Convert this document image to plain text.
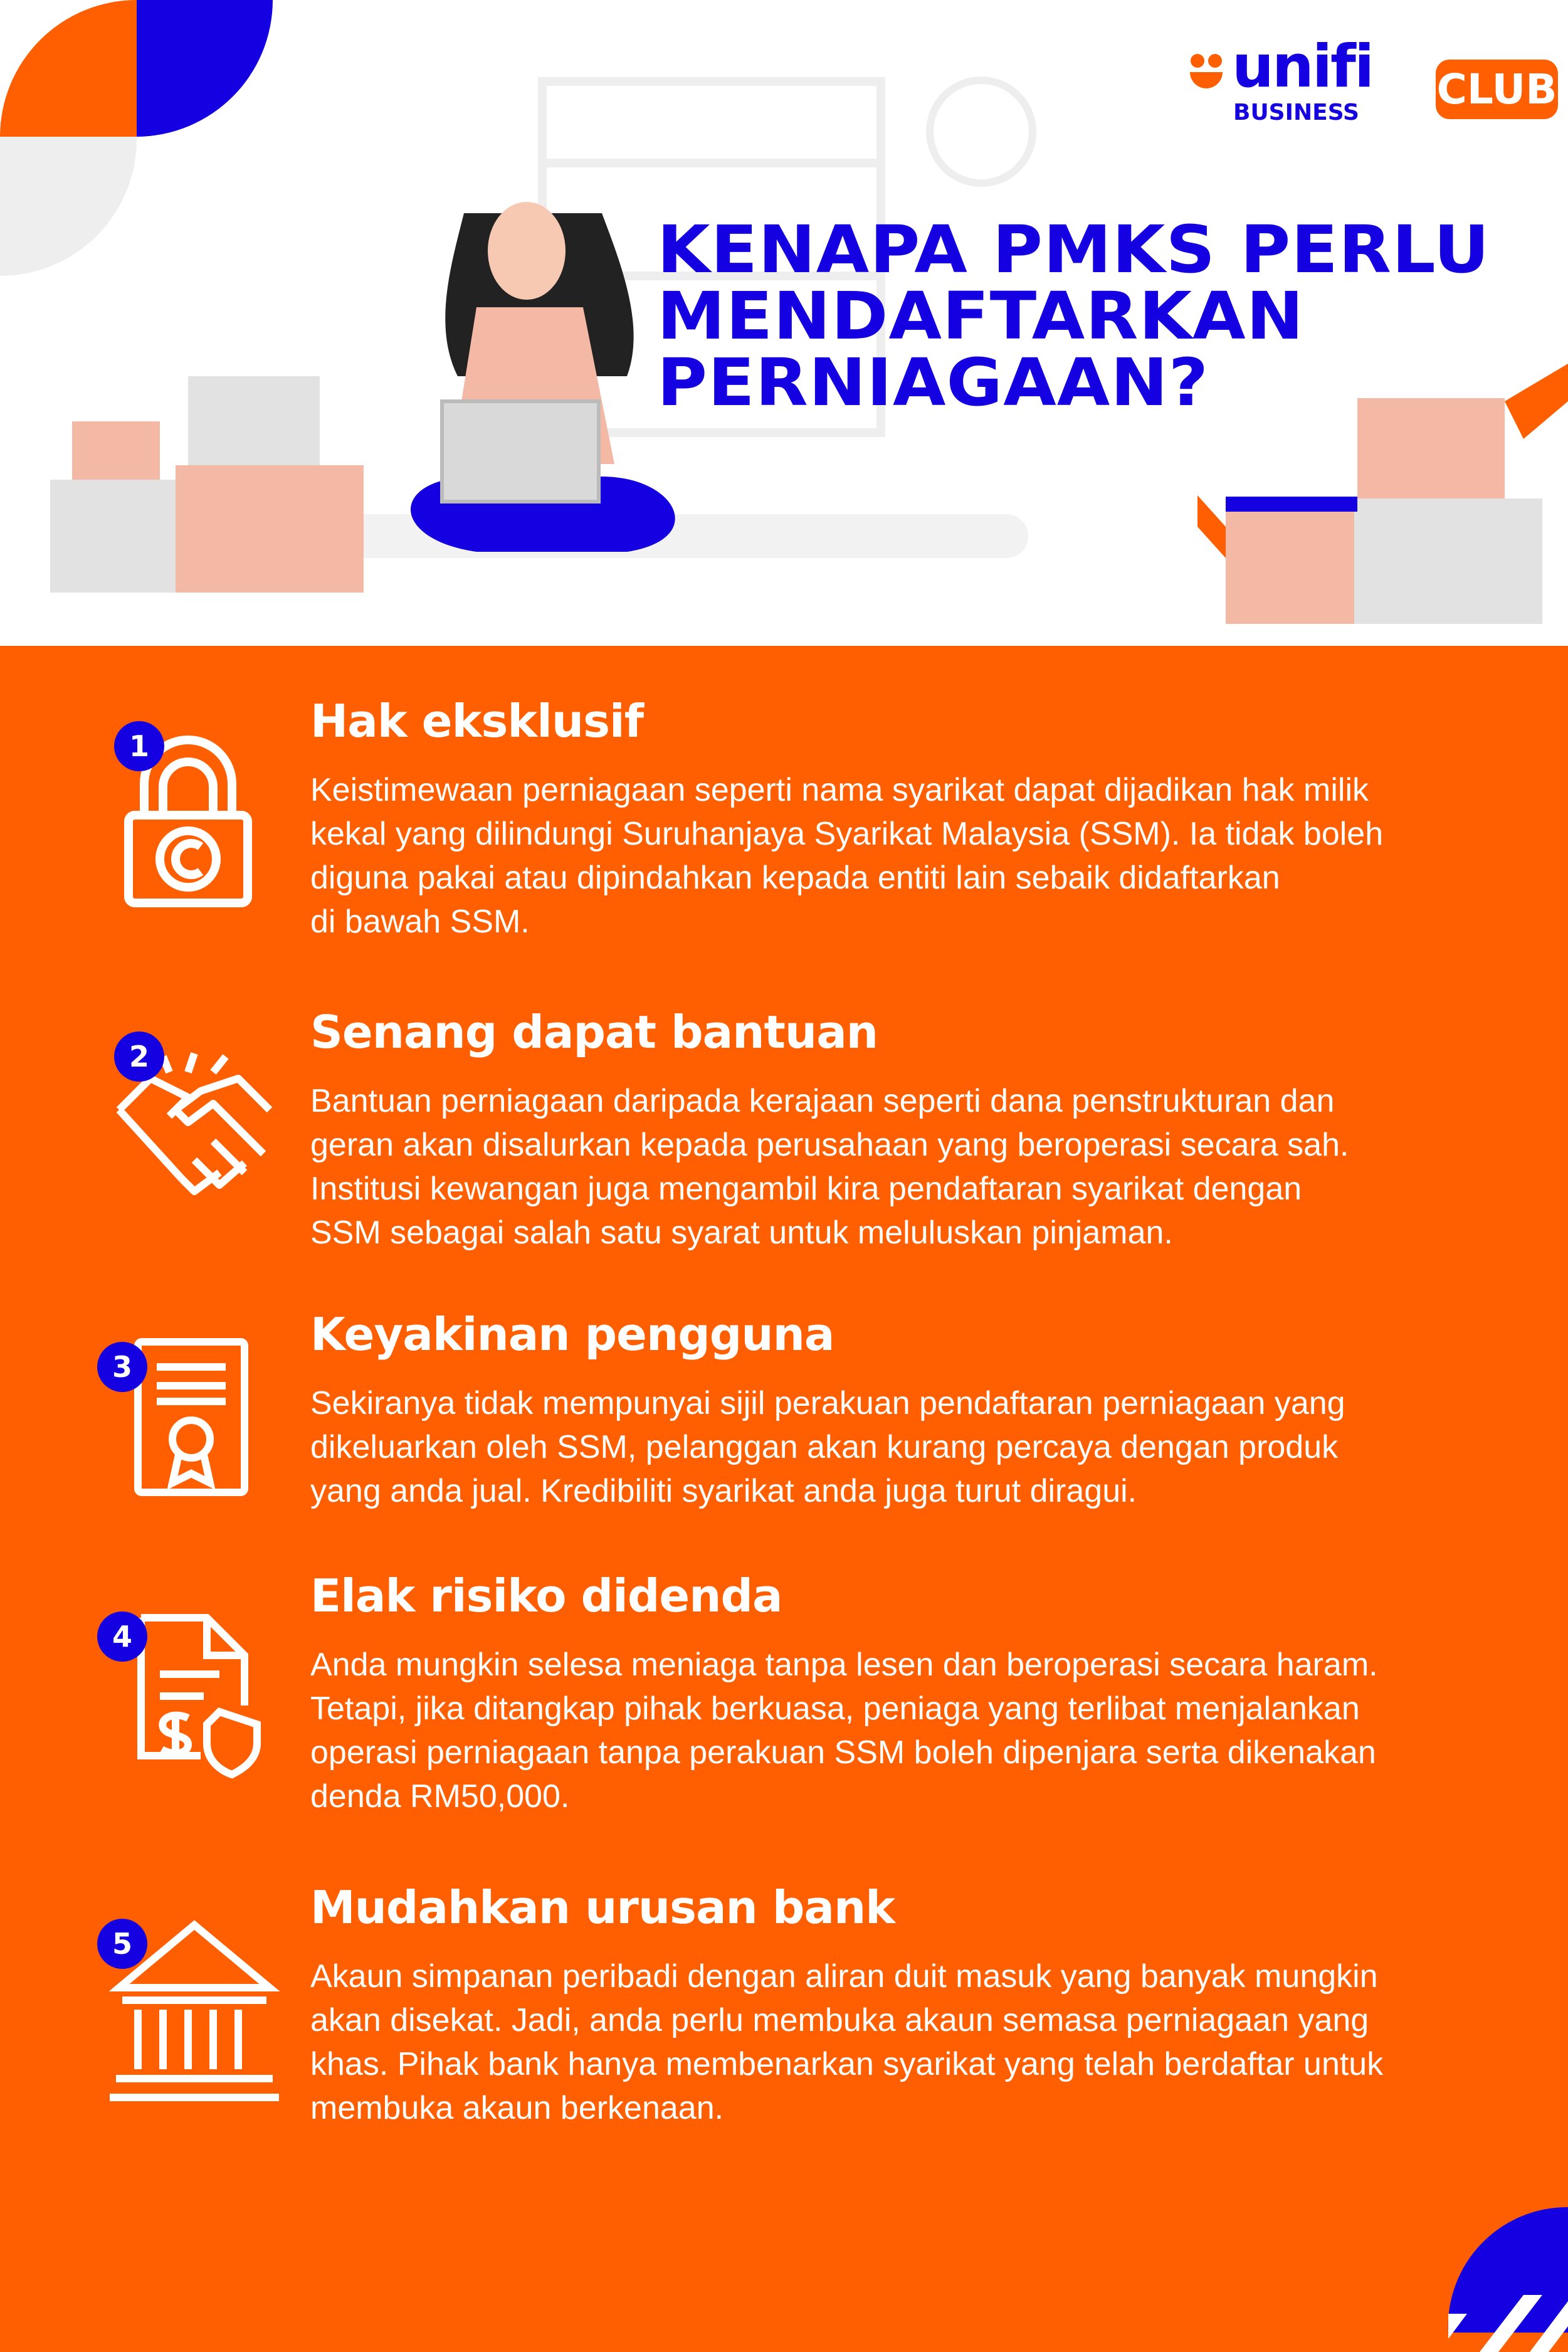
unifi
BUSINESS CLUB
KENAPA PMKS PERLU
MENDAFTARKAN
PERNIAGAAN?
1
2
3
4
5
Hak eksklusif

Keistimewaan perniagaan seperti nama syarikat dapat dijadikan hak milik
kekal yang dilindungi Suruhanjaya Syarikat Malaysia (SSM). Ia tidak boleh
diguna pakai atau dipindahkan kepada entiti lain sebaik didaftarkan
di bawah SSM.

Senang dapat bantuan

Bantuan perniagaan daripada kerajaan seperti dana penstrukturan dan
geran akan disalurkan kepada perusahaan yang beroperasi secara sah.
Institusi kewangan juga mengambil kira pendaftaran syarikat dengan
SSM sebagai salah satu syarat untuk meluluskan pinjaman.

Keyakinan pengguna

Sekiranya tidak mempunyai sijil perakuan pendaftaran perniagaan yang
dikeluarkan oleh SSM, pelanggan akan kurang percaya dengan produk
yang anda jual. Kredibiliti syarikat anda juga turut diragui.

Elak risiko didenda

Anda mungkin selesa meniaga tanpa lesen dan beroperasi secara haram.
Tetapi, jika ditangkap pihak berkuasa, peniaga yang terlibat menjalankan
operasi perniagaan tanpa perakuan SSM boleh dipenjara serta dikenakan
denda RM50,000.

Mudahkan urusan bank

Akaun simpanan peribadi dengan aliran duit masuk yang banyak mungkin
akan disekat. Jadi, anda perlu membuka akaun semasa perniagaan yang
khas. Pihak bank hanya membenarkan syarikat yang telah berdaftar untuk
membuka akaun berkenaan.
